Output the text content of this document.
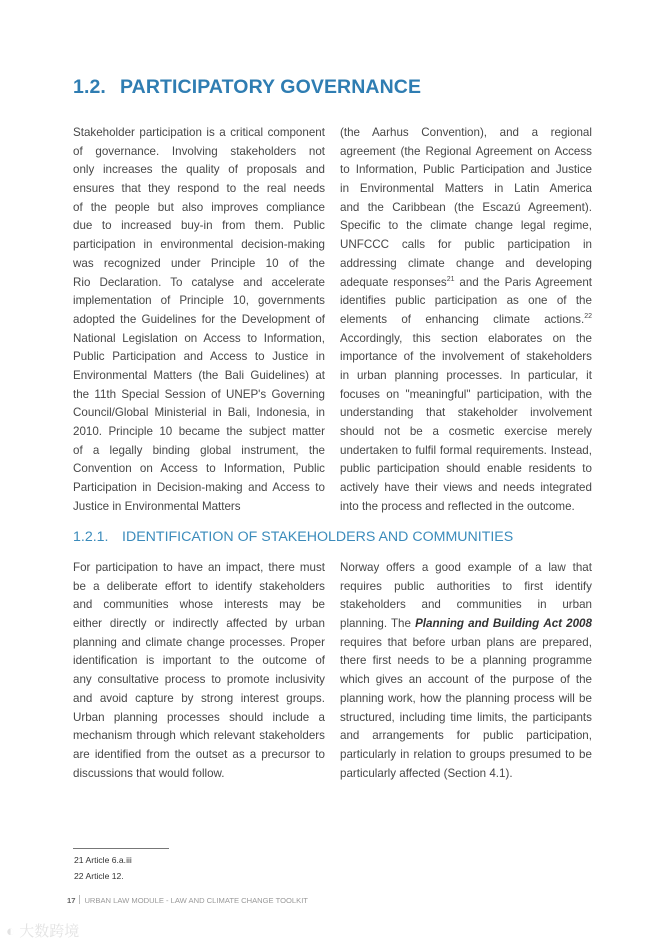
1.2. PARTICIPATORY GOVERNANCE
Stakeholder participation is a critical component
of governance. Involving stakeholders not
only increases the quality of proposals and
ensures that they respond to the real needs
of the people but also improves compliance
due to increased buy-in from them. Public
participation in environmental decision-making
was recognized under Principle 10 of the
Rio Declaration. To catalyse and accelerate
implementation of Principle 10, governments
adopted the Guidelines for the Development of
National Legislation on Access to Information,
Public Participation and Access to Justice in
Environmental Matters (the Bali Guidelines) at
the 11th Special Session of UNEP's Governing
Council/Global Ministerial in Bali, Indonesia, in
2010. Principle 10 became the subject matter
of a legally binding global instrument, the
Convention on Access to Information, Public
Participation in Decision-making and Access to
Justice in Environmental Matters
(the Aarhus Convention), and a regional
agreement (the Regional Agreement on Access
to Information, Public Participation and Justice
in Environmental Matters in Latin America
and the Caribbean (the Escazú Agreement).
Specific to the climate change legal regime,
UNFCCC calls for public participation in
addressing climate change and developing
adequate responses$^{21}$ and the Paris Agreement
identifies public participation as one of the
elements of enhancing climate actions.$^{22}$
Accordingly, this section elaborates on the
importance of the involvement of stakeholders
in urban planning processes. In particular, it
focuses on "meaningful" participation, with the
understanding that stakeholder involvement
should not be a cosmetic exercise merely
undertaken to fulfil formal requirements. Instead,
public participation should enable residents to
actively have their views and needs integrated
into the process and reflected in the outcome.
1.2.1. IDENTIFICATION OF STAKEHOLDERS AND COMMUNITIES
For participation to have an impact, there must
be a deliberate effort to identify stakeholders
and communities whose interests may be
either directly or indirectly affected by urban
planning and climate change processes. Proper
identification is important to the outcome of
any consultative process to promote inclusivity
and avoid capture by strong interest groups.
Urban planning processes should include a
mechanism through which relevant stakeholders
are identified from the outset as a precursor to
discussions that would follow.
Norway offers a good example of a law that
requires public authorities to first identify
stakeholders and communities in urban
planning. The Planning and Building Act 2008
requires that before urban plans are prepared,
there first needs to be a planning programme
which gives an account of the purpose of the
planning work, how the planning process will be
structured, including time limits, the participants
and arrangements for public participation,
particularly in relation to groups presumed to be
particularly affected (Section 4.1).
21 Article 6.a.iii
22 Article 12.
17 URBAN LAW MODULE - LAW AND CLIMATE CHANGE TOOLKIT
◐ 大数跨境
